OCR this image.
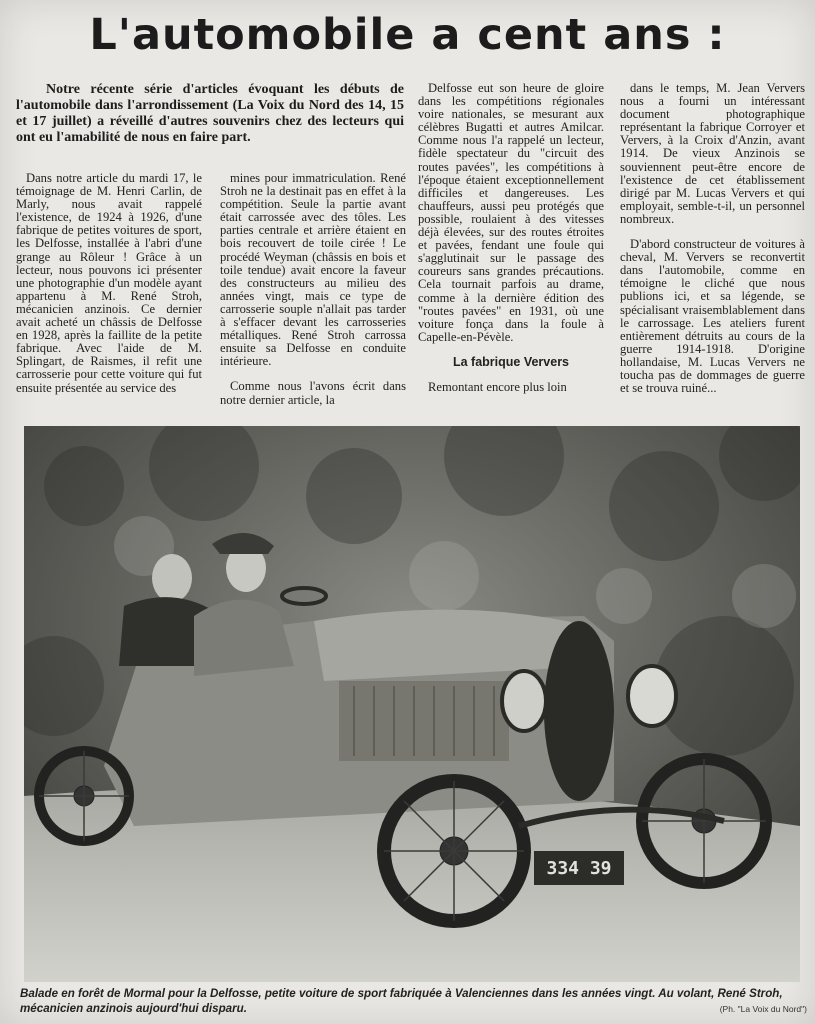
L'automobile a cent ans :

Notre récente série d'articles évoquant les débuts de l'automobile dans l'arrondissement (La Voix du Nord des 14, 15 et 17 juillet) a réveillé d'autres souvenirs chez des lecteurs qui ont eu l'amabilité de nous en faire part.

Dans notre article du mardi 17, le témoignage de M. Henri Carlin, de Marly, nous avait rappelé l'existence, de 1924 à 1926, d'une fabrique de petites voitures de sport, les Delfosse, installée à l'abri d'une grange au Rôleur ! Grâce à un lecteur, nous pouvons ici présenter une photographie d'un modèle ayant appartenu à M. René Stroh, mécanicien anzinois. Ce dernier avait acheté un châssis de Delfosse en 1928, après la faillite de la petite fabrique. Avec l'aide de M. Splingart, de Raismes, il refit une carrosserie pour cette voiture qui fut ensuite présentée au service des

mines pour immatriculation. René Stroh ne la destinait pas en effet à la compétition. Seule la partie avant était carrossée avec des tôles. Les parties centrale et arrière étaient en bois recouvert de toile cirée ! Le procédé Weyman (châssis en bois et toile tendue) avait encore la faveur des constructeurs au milieu des années vingt, mais ce type de carrosserie souple n'allait pas tarder à s'effacer devant les carrosseries métalliques. René Stroh carrossa ensuite sa Delfosse en conduite intérieure.

Comme nous l'avons écrit dans notre dernier article, la

Delfosse eut son heure de gloire dans les compétitions régionales voire nationales, se mesurant aux célèbres Bugatti et autres Amilcar. Comme nous l'a rappelé un lecteur, fidèle spectateur du "circuit des routes pavées", les compétitions à l'époque étaient exceptionnellement difficiles et dangereuses. Les chauffeurs, aussi peu protégés que possible, roulaient à des vitesses déjà élevées, sur des routes étroites et pavées, fendant une foule qui s'agglutinait sur le passage des coureurs sans grandes précautions. Cela tournait parfois au drame, comme à la dernière édition des "routes pavées" en 1931, où une voiture fonça dans la foule à Capelle-en-Pévèle.

La fabrique Ververs

Remontant encore plus loin

dans le temps, M. Jean Ververs nous a fourni un intéressant document photographique représentant la fabrique Corroyer et Ververs, à la Croix d'Anzin, avant 1914. De vieux Anzinois se souviennent peut-être encore de l'existence de cet établissement dirigé par M. Lucas Ververs et qui employait, semble-t-il, un personnel nombreux.

D'abord constructeur de voitures à cheval, M. Ververs se reconvertit dans l'automobile, comme en témoigne le cliché que nous publions ici, et sa légende, se spécialisant vraisemblablement dans le carrossage. Les ateliers furent entièrement détruits au cours de la guerre 1914-1918. D'origine hollandaise, M. Lucas Ververs ne toucha pas de dommages de guerre et se trouva ruiné...

334 39

Balade en forêt de Mormal pour la Delfosse, petite voiture de sport fabriquée à Valenciennes dans les années vingt. Au volant, René Stroh, mécanicien anzinois aujourd'hui disparu.	(Ph. "La Voix du Nord")
